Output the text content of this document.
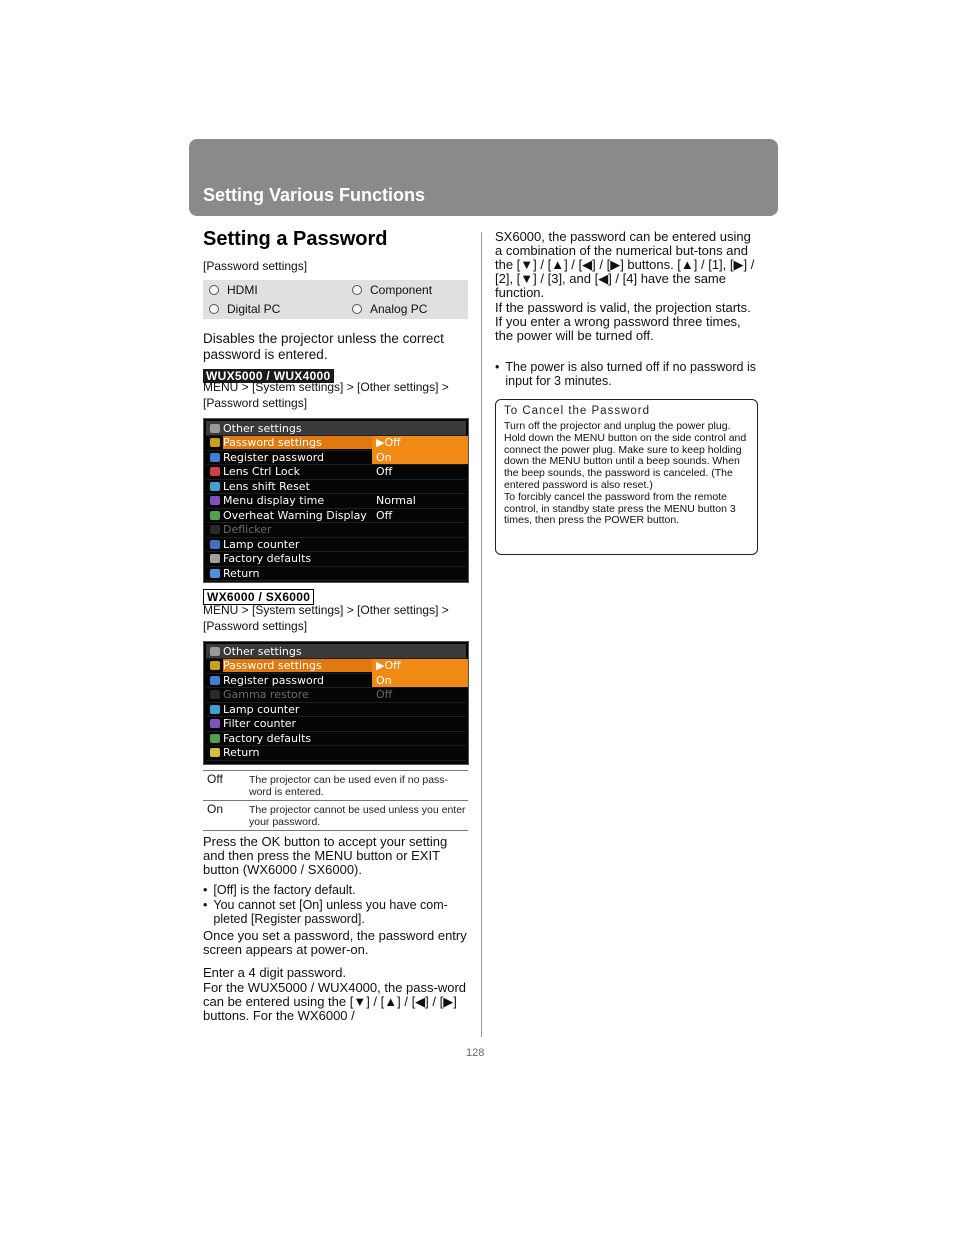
Setting Various Functions
Setting a Password
[Password settings]
HDMI	Component
Digital PC	Analog PC
Disables the projector unless the correct password is entered.
WUX5000 / WUX4000
MENU > [System settings] > [Other settings] > [Password settings]
Other settings
Password settings	▶Off
Register password	On
Lens Ctrl Lock	Off
Lens shift Reset
Menu display time	Normal
Overheat Warning Display Off
Deflicker
Lamp counter
Factory defaults
Return
WX6000 / SX6000
MENU > [System settings] > [Other settings] > [Password settings]
Other settings
Password settings	▶Off
Register password	On
Gamma restore	Off
Lamp counter
Filter counter
Factory defaults
Return
Off The projector can be used even if no pass-word is entered.
On The projector cannot be used unless you enter your password.
Press the OK button to accept your setting and then press the MENU button or EXIT button (WX6000 / SX6000).
• [Off] is the factory default.
• You cannot set [On] unless you have com-pleted [Register password].
Once you set a password, the password entry screen appears at power-on.
Enter a 4 digit password.
For the WUX5000 / WUX4000, the pass-word can be entered using the [▼] / [▲] / [◀] / [▶] buttons. For the WX6000 /
SX6000, the password can be entered using a combination of the numerical but-tons and the [▼] / [▲] / [◀] / [▶] buttons. [▲] / [1], [▶] / [2], [▼] / [3], and [◀] / [4] have the same function.
If the password is valid, the projection starts. If you enter a wrong password three times, the power will be turned off.
• The power is also turned off if no password is input for 3 minutes.
To Cancel the Password
Turn off the projector and unplug the power plug.
Hold down the MENU button on the side control and connect the power plug. Make sure to keep holding down the MENU button until a beep sounds. When the beep sounds, the password is canceled. (The entered password is also reset.)
To forcibly cancel the password from the remote control, in standby state press the MENU button 3 times, then press the POWER button.
128
